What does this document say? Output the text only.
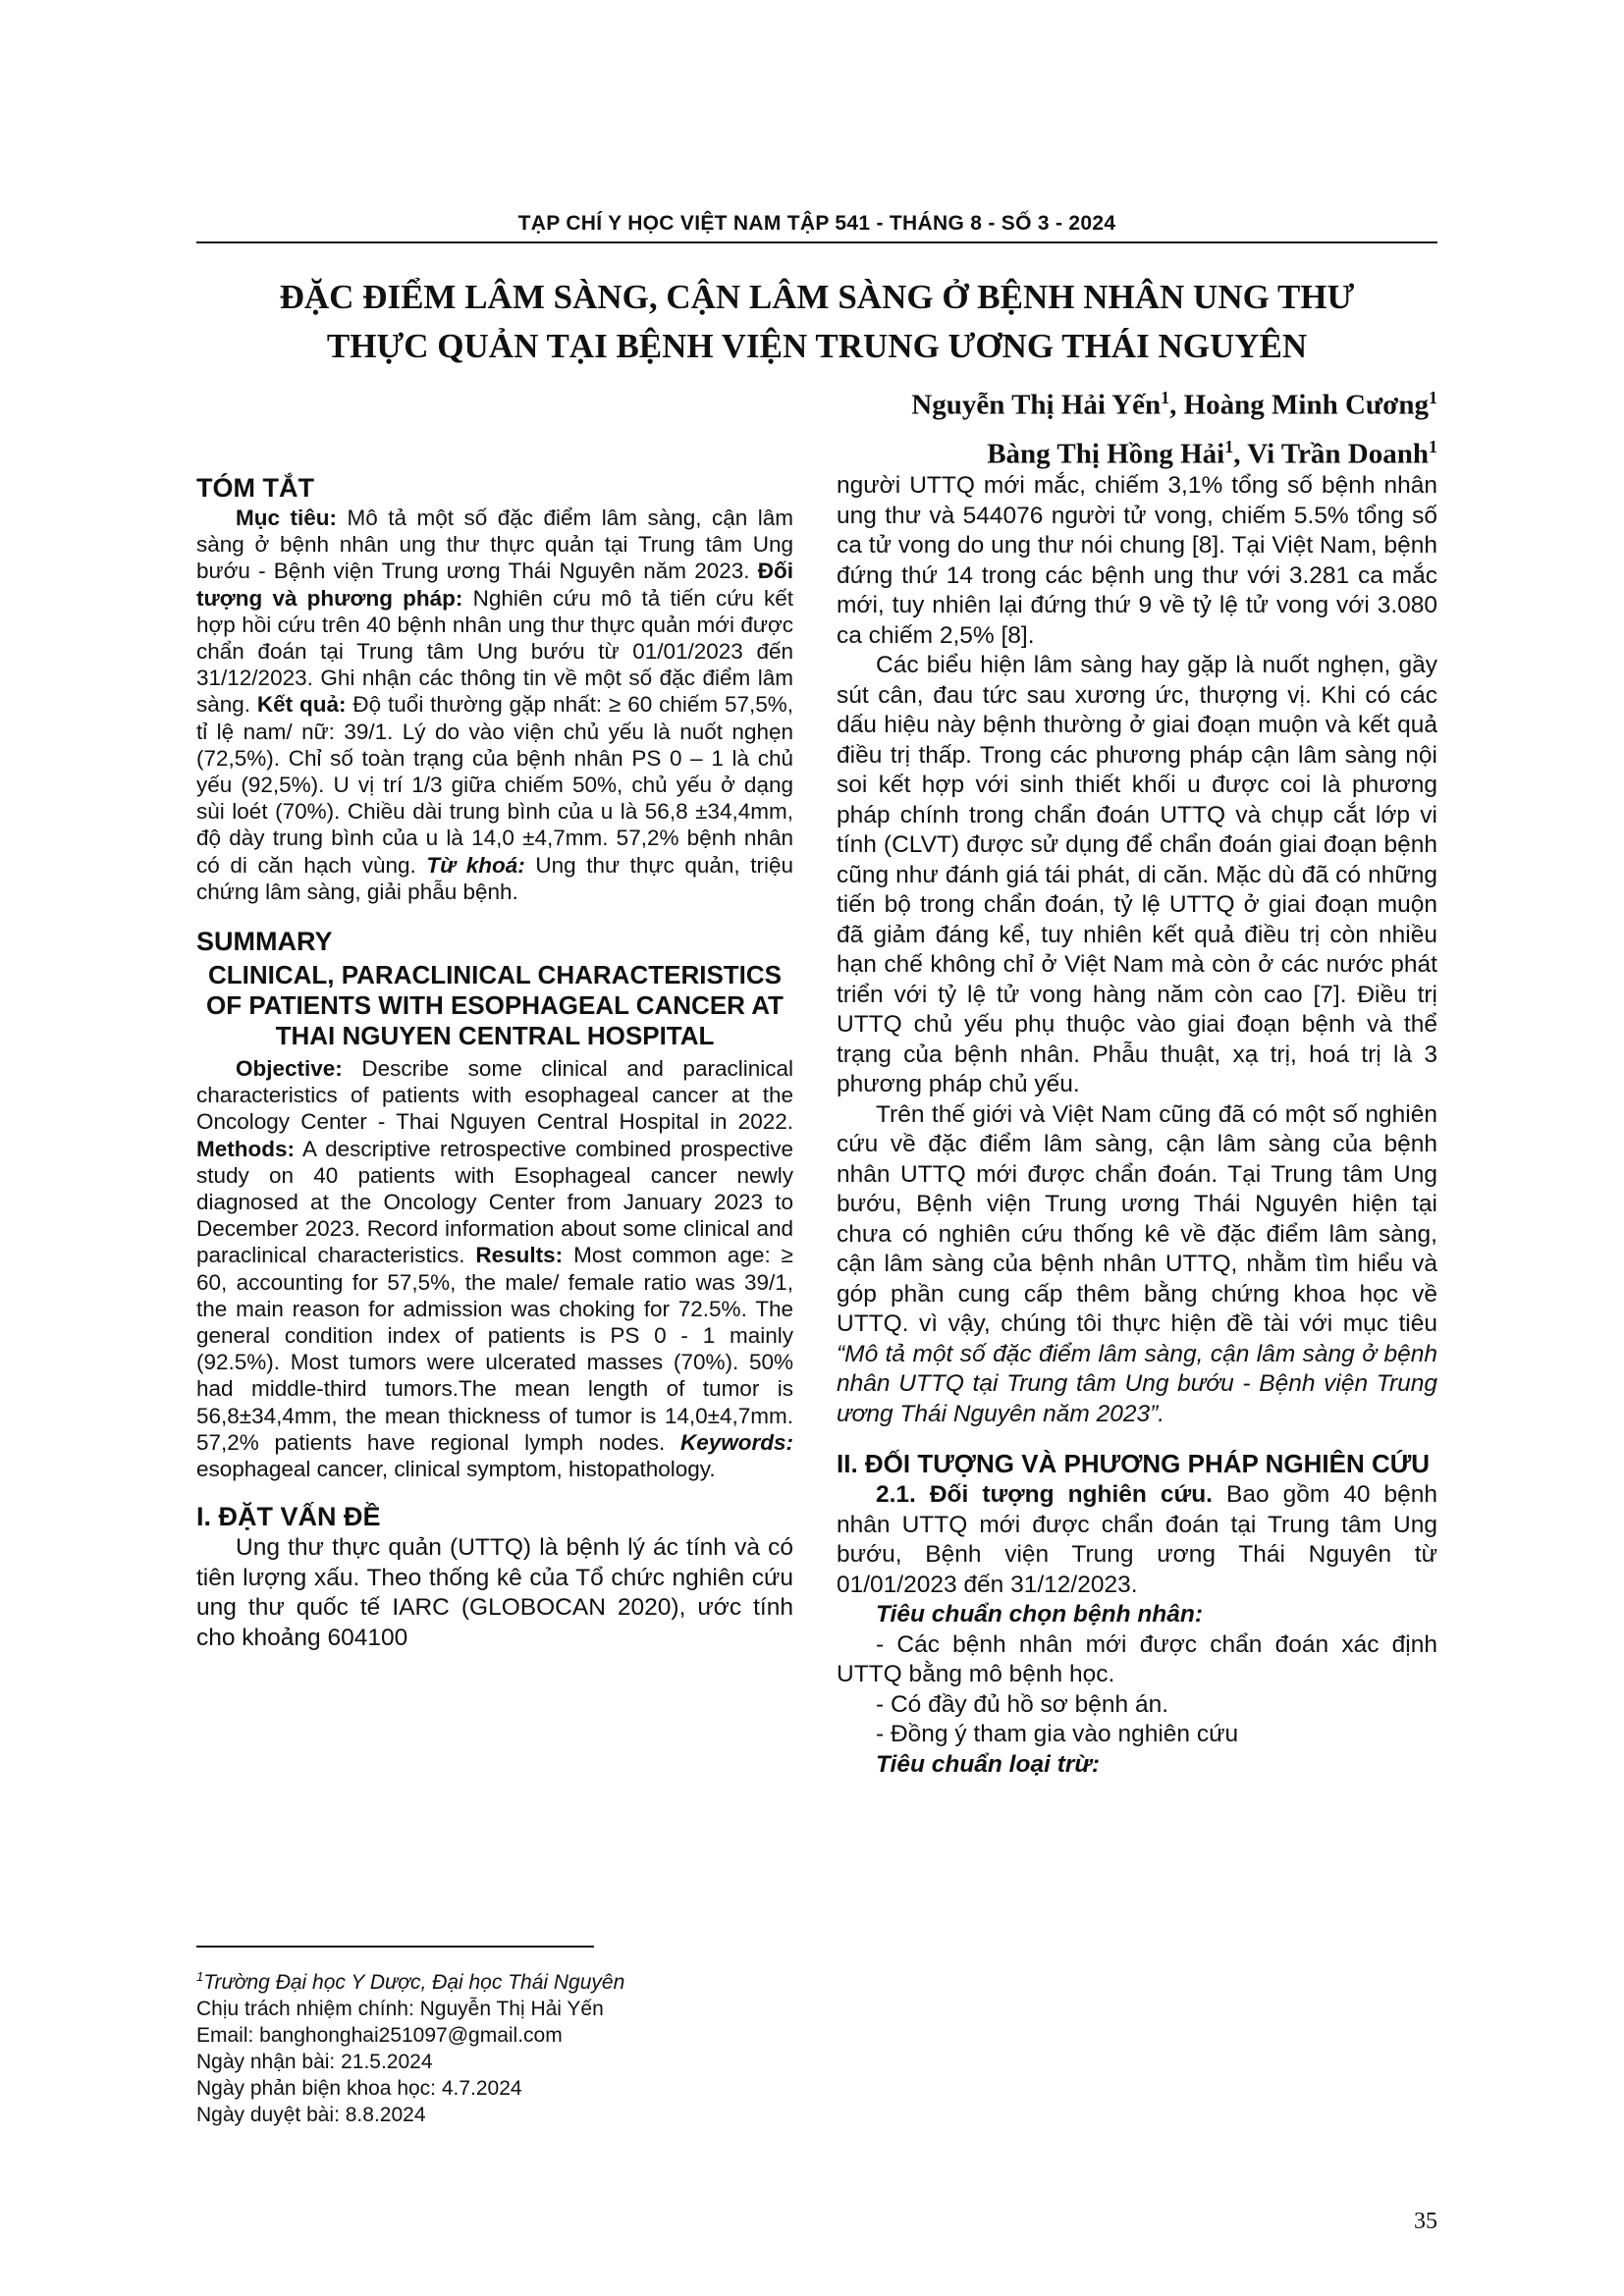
TẠP CHÍ Y HỌC VIỆT NAM TẬP 541 - THÁNG 8 - SỐ 3 - 2024
ĐẶC ĐIỂM LÂM SÀNG, CẬN LÂM SÀNG Ở BỆNH NHÂN UNG THƯ
THỰC QUẢN TẠI BỆNH VIỆN TRUNG ƯƠNG THÁI NGUYÊN
Nguyễn Thị Hải Yến$^1$, Hoàng Minh Cương$^1$
Bàng Thị Hồng Hải$^1$, Vi Trần Doanh$^1$
TÓM TẮT

Mục tiêu: Mô tả một số đặc điểm lâm sàng, cận lâm sàng ở bệnh nhân ung thư thực quản tại Trung tâm Ung bướu - Bệnh viện Trung ương Thái Nguyên năm 2023. Đối tượng và phương pháp: Nghiên cứu mô tả tiến cứu kết hợp hồi cứu trên 40 bệnh nhân ung thư thực quản mới được chẩn đoán tại Trung tâm Ung bướu từ 01/01/2023 đến 31/12/2023. Ghi nhận các thông tin về một số đặc điểm lâm sàng. Kết quả: Độ tuổi thường gặp nhất: ≥ 60 chiếm 57,5%, tỉ lệ nam/ nữ: 39/1. Lý do vào viện chủ yếu là nuốt nghẹn (72,5%). Chỉ số toàn trạng của bệnh nhân PS 0 – 1 là chủ yếu (92,5%). U vị trí 1/3 giữa chiếm 50%, chủ yếu ở dạng sùi loét (70%). Chiều dài trung bình của u là 56,8 ±34,4mm, độ dày trung bình của u là 14,0 ±4,7mm. 57,2% bệnh nhân có di căn hạch vùng. Từ khoá: Ung thư thực quản, triệu chứng lâm sàng, giải phẫu bệnh.

SUMMARY
CLINICAL, PARACLINICAL CHARACTERISTICS OF PATIENTS WITH ESOPHAGEAL CANCER AT THAI NGUYEN CENTRAL HOSPITAL

Objective: Describe some clinical and paraclinical characteristics of patients with esophageal cancer at the Oncology Center - Thai Nguyen Central Hospital in 2022. Methods: A descriptive retrospective combined prospective study on 40 patients with Esophageal cancer newly diagnosed at the Oncology Center from January 2023 to December 2023. Record information about some clinical and paraclinical characteristics. Results: Most common age: ≥ 60, accounting for 57,5%, the male/ female ratio was 39/1, the main reason for admission was choking for 72.5%. The general condition index of patients is PS 0 - 1 mainly (92.5%). Most tumors were ulcerated masses (70%). 50% had middle-third tumors.The mean length of tumor is 56,8±34,4mm, the mean thickness of tumor is 14,0±4,7mm. 57,2% patients have regional lymph nodes. Keywords: esophageal cancer, clinical symptom, histopathology.

I. ĐẶT VẤN ĐỀ

Ung thư thực quản (UTTQ) là bệnh lý ác tính và có tiên lượng xấu. Theo thống kê của Tổ chức nghiên cứu ung thư quốc tế IARC (GLOBOCAN 2020), ước tính cho khoảng 604100

người UTTQ mới mắc, chiếm 3,1% tổng số bệnh nhân ung thư và 544076 người tử vong, chiếm 5.5% tổng số ca tử vong do ung thư nói chung [8]. Tại Việt Nam, bệnh đứng thứ 14 trong các bệnh ung thư với 3.281 ca mắc mới, tuy nhiên lại đứng thứ 9 về tỷ lệ tử vong với 3.080 ca chiếm 2,5% [8].

Các biểu hiện lâm sàng hay gặp là nuốt nghẹn, gầy sút cân, đau tức sau xương ức, thượng vị. Khi có các dấu hiệu này bệnh thường ở giai đoạn muộn và kết quả điều trị thấp. Trong các phương pháp cận lâm sàng nội soi kết hợp với sinh thiết khối u được coi là phương pháp chính trong chẩn đoán UTTQ và chụp cắt lớp vi tính (CLVT) được sử dụng để chẩn đoán giai đoạn bệnh cũng như đánh giá tái phát, di căn. Mặc dù đã có những tiến bộ trong chẩn đoán, tỷ lệ UTTQ ở giai đoạn muộn đã giảm đáng kể, tuy nhiên kết quả điều trị còn nhiều hạn chế không chỉ ở Việt Nam mà còn ở các nước phát triển với tỷ lệ tử vong hàng năm còn cao [7]. Điều trị UTTQ chủ yếu phụ thuộc vào giai đoạn bệnh và thể trạng của bệnh nhân. Phẫu thuật, xạ trị, hoá trị là 3 phương pháp chủ yếu.

Trên thế giới và Việt Nam cũng đã có một số nghiên cứu về đặc điểm lâm sàng, cận lâm sàng của bệnh nhân UTTQ mới được chẩn đoán. Tại Trung tâm Ung bướu, Bệnh viện Trung ương Thái Nguyên hiện tại chưa có nghiên cứu thống kê về đặc điểm lâm sàng, cận lâm sàng của bệnh nhân UTTQ, nhằm tìm hiểu và góp phần cung cấp thêm bằng chứng khoa học về UTTQ. vì vậy, chúng tôi thực hiện đề tài với mục tiêu “Mô tả một số đặc điểm lâm sàng, cận lâm sàng ở bệnh nhân UTTQ tại Trung tâm Ung bướu - Bệnh viện Trung ương Thái Nguyên năm 2023”.

II. ĐỐI TƯỢNG VÀ PHƯƠNG PHÁP NGHIÊN CỨU

2.1. Đối tượng nghiên cứu. Bao gồm 40 bệnh nhân UTTQ mới được chẩn đoán tại Trung tâm Ung bướu, Bệnh viện Trung ương Thái Nguyên từ 01/01/2023 đến 31/12/2023.

Tiêu chuẩn chọn bệnh nhân:

- Các bệnh nhân mới được chẩn đoán xác định UTTQ bằng mô bệnh học.

- Có đầy đủ hồ sơ bệnh án.

- Đồng ý tham gia vào nghiên cứu

Tiêu chuẩn loại trừ:

$^1$Trường Đại học Y Dược, Đại học Thái Nguyên

Chịu trách nhiệm chính: Nguyễn Thị Hải Yến

Email: banghonghai251097@gmail.com

Ngày nhận bài: 21.5.2024

Ngày phản biện khoa học: 4.7.2024

Ngày duyệt bài: 8.8.2024

35
